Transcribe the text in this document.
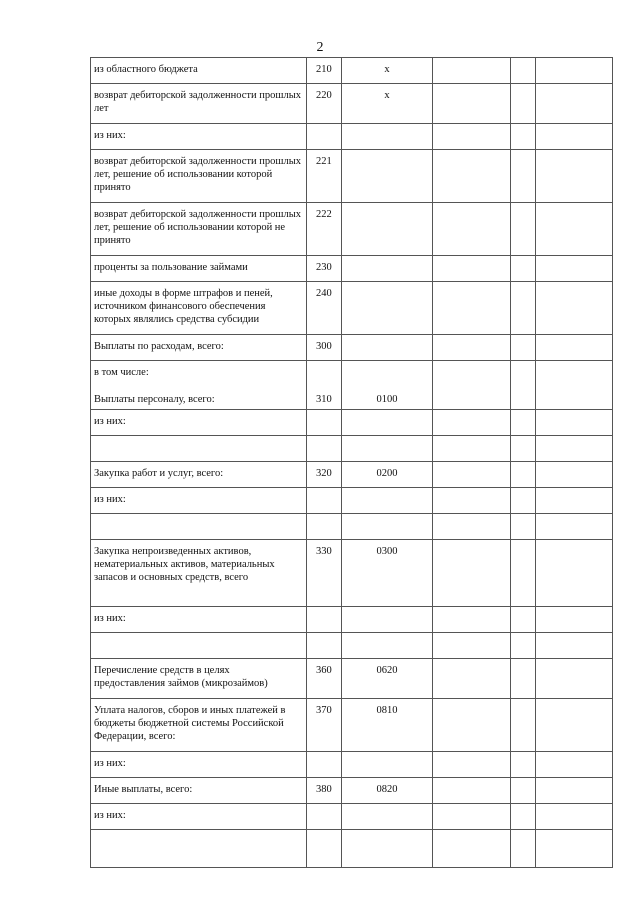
2
из областного бюджета	210	x			
возврат дебиторской задолженности прошлых лет	220	x			
из них:					
возврат дебиторской задолженности прошлых лет, решение об использовании которой принято	221				
возврат дебиторской задолженности прошлых лет, решение об использовании которой не принято	222				
проценты за пользование займами	230				
иные доходы в форме штрафов и пеней, источником финансового обеспечения которых являлись средства субсидии	240				
Выплаты по расходам, всего:	300				
в том числе:
Выплаты персоналу, всего:	310	0100			
из них:					

Закупка работ и услуг, всего:	320	0200			
из них:					

Закупка непроизведенных активов, нематериальных активов, материальных запасов и основных средств, всего	330	0300			
из них:					

Перечисление средств в целях предоставления займов (микрозаймов)	360	0620			
Уплата налогов, сборов и иных платежей в бюджеты бюджетной системы Российской Федерации, всего:	370	0810			
из них:					
Иные выплаты, всего:	380	0820			
из них:					
